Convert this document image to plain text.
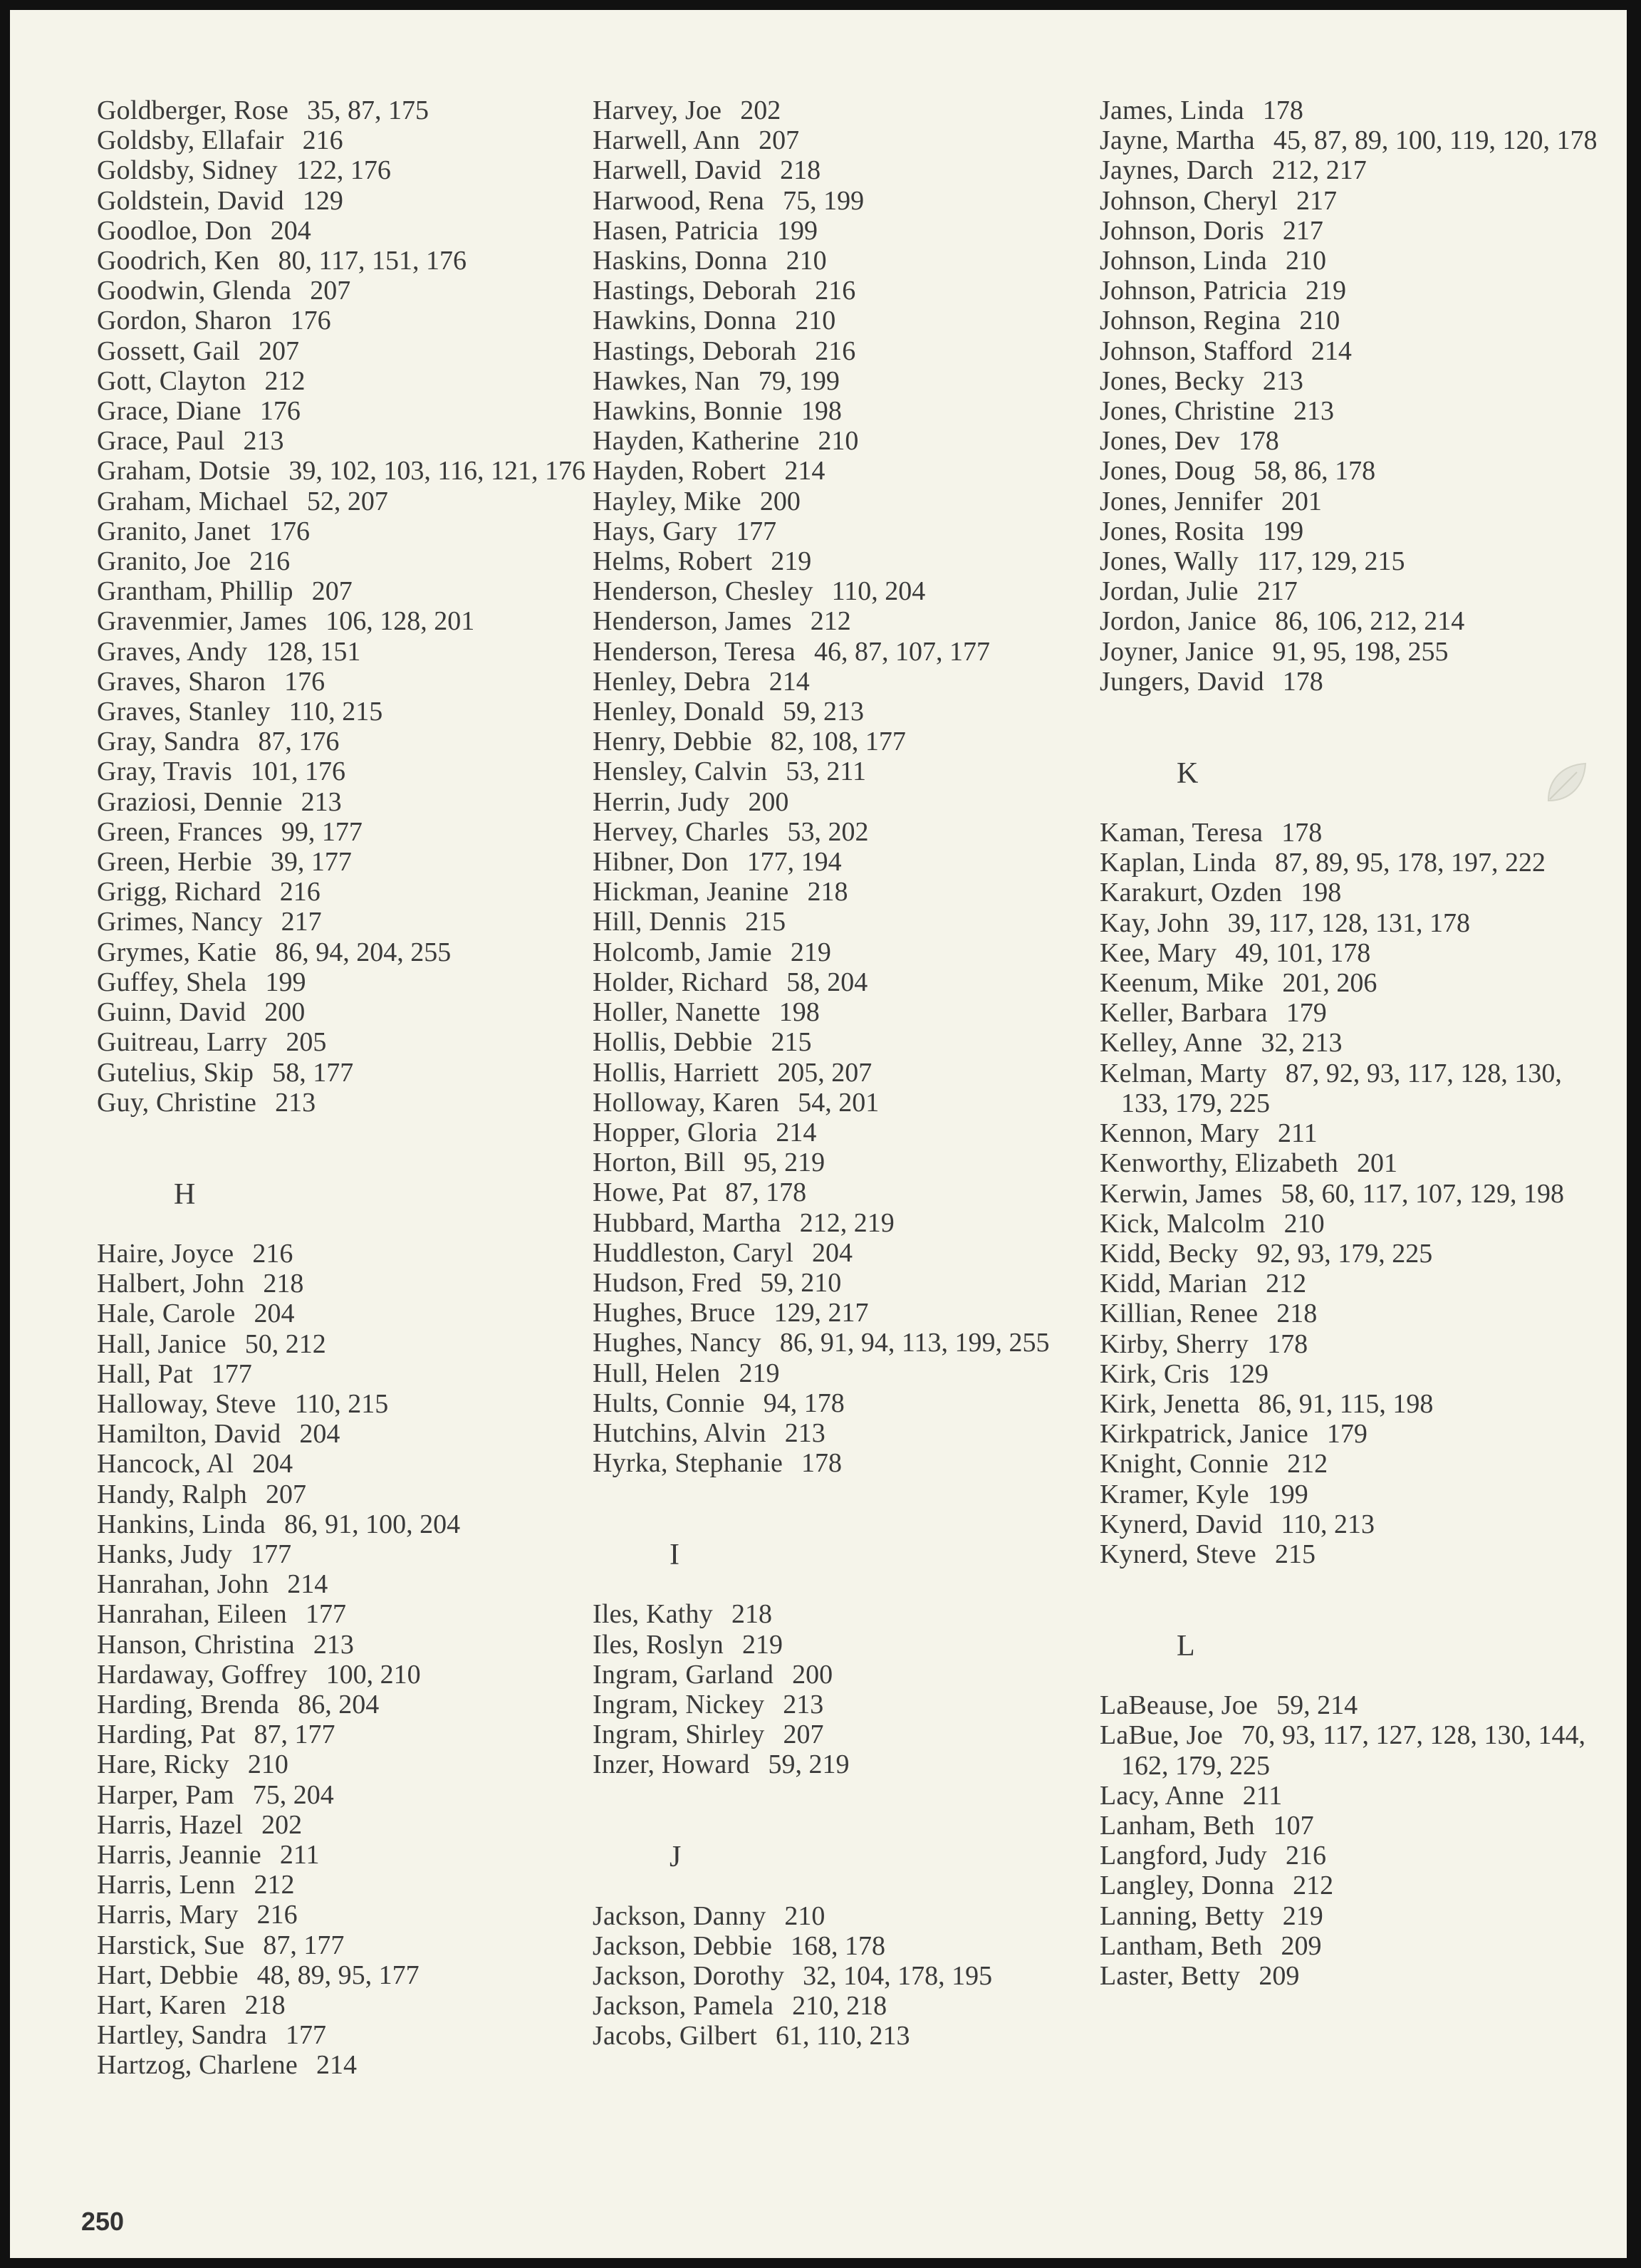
Goldberger, Rose 35, 87, 175
Goldsby, Ellafair 216
Goldsby, Sidney 122, 176
Goldstein, David 129
Goodloe, Don 204
Goodrich, Ken 80, 117, 151, 176
Goodwin, Glenda 207
Gordon, Sharon 176
Gossett, Gail 207
Gott, Clayton 212
Grace, Diane 176
Grace, Paul 213
Graham, Dotsie 39, 102, 103, 116, 121, 176
Graham, Michael 52, 207
Granito, Janet 176
Granito, Joe 216
Grantham, Phillip 207
Gravenmier, James 106, 128, 201
Graves, Andy 128, 151
Graves, Sharon 176
Graves, Stanley 110, 215
Gray, Sandra 87, 176
Gray, Travis 101, 176
Graziosi, Dennie 213
Green, Frances 99, 177
Green, Herbie 39, 177
Grigg, Richard 216
Grimes, Nancy 217
Grymes, Katie 86, 94, 204, 255
Guffey, Shela 199
Guinn, David 200
Guitreau, Larry 205
Gutelius, Skip 58, 177
Guy, Christine 213
H
Haire, Joyce 216
Halbert, John 218
Hale, Carole 204
Hall, Janice 50, 212
Hall, Pat 177
Halloway, Steve 110, 215
Hamilton, David 204
Hancock, Al 204
Handy, Ralph 207
Hankins, Linda 86, 91, 100, 204
Hanks, Judy 177
Hanrahan, John 214
Hanrahan, Eileen 177
Hanson, Christina 213
Hardaway, Goffrey 100, 210
Harding, Brenda 86, 204
Harding, Pat 87, 177
Hare, Ricky 210
Harper, Pam 75, 204
Harris, Hazel 202
Harris, Jeannie 211
Harris, Lenn 212
Harris, Mary 216
Harstick, Sue 87, 177
Hart, Debbie 48, 89, 95, 177
Hart, Karen 218
Hartley, Sandra 177
Hartzog, Charlene 214
Harvey, Joe 202
Harwell, Ann 207
Harwell, David 218
Harwood, Rena 75, 199
Hasen, Patricia 199
Haskins, Donna 210
Hastings, Deborah 216
Hawkins, Donna 210
Hastings, Deborah 216
Hawkes, Nan 79, 199
Hawkins, Bonnie 198
Hayden, Katherine 210
Hayden, Robert 214
Hayley, Mike 200
Hays, Gary 177
Helms, Robert 219
Henderson, Chesley 110, 204
Henderson, James 212
Henderson, Teresa 46, 87, 107, 177
Henley, Debra 214
Henley, Donald 59, 213
Henry, Debbie 82, 108, 177
Hensley, Calvin 53, 211
Herrin, Judy 200
Hervey, Charles 53, 202
Hibner, Don 177, 194
Hickman, Jeanine 218
Hill, Dennis 215
Holcomb, Jamie 219
Holder, Richard 58, 204
Holler, Nanette 198
Hollis, Debbie 215
Hollis, Harriett 205, 207
Holloway, Karen 54, 201
Hopper, Gloria 214
Horton, Bill 95, 219
Howe, Pat 87, 178
Hubbard, Martha 212, 219
Huddleston, Caryl 204
Hudson, Fred 59, 210
Hughes, Bruce 129, 217
Hughes, Nancy 86, 91, 94, 113, 199, 255
Hull, Helen 219
Hults, Connie 94, 178
Hutchins, Alvin 213
Hyrka, Stephanie 178
I
Iles, Kathy 218
Iles, Roslyn 219
Ingram, Garland 200
Ingram, Nickey 213
Ingram, Shirley 207
Inzer, Howard 59, 219
J
Jackson, Danny 210
Jackson, Debbie 168, 178
Jackson, Dorothy 32, 104, 178, 195
Jackson, Pamela 210, 218
Jacobs, Gilbert 61, 110, 213
James, Linda 178
Jayne, Martha 45, 87, 89, 100, 119, 120, 178
Jaynes, Darch 212, 217
Johnson, Cheryl 217
Johnson, Doris 217
Johnson, Linda 210
Johnson, Patricia 219
Johnson, Regina 210
Johnson, Stafford 214
Jones, Becky 213
Jones, Christine 213
Jones, Dev 178
Jones, Doug 58, 86, 178
Jones, Jennifer 201
Jones, Rosita 199
Jones, Wally 117, 129, 215
Jordan, Julie 217
Jordon, Janice 86, 106, 212, 214
Joyner, Janice 91, 95, 198, 255
Jungers, David 178
K
Kaman, Teresa 178
Kaplan, Linda 87, 89, 95, 178, 197, 222
Karakurt, Ozden 198
Kay, John 39, 117, 128, 131, 178
Kee, Mary 49, 101, 178
Keenum, Mike 201, 206
Keller, Barbara 179
Kelley, Anne 32, 213
Kelman, Marty 87, 92, 93, 117, 128, 130, 133, 179, 225
Kennon, Mary 211
Kenworthy, Elizabeth 201
Kerwin, James 58, 60, 117, 107, 129, 198
Kick, Malcolm 210
Kidd, Becky 92, 93, 179, 225
Kidd, Marian 212
Killian, Renee 218
Kirby, Sherry 178
Kirk, Cris 129
Kirk, Jenetta 86, 91, 115, 198
Kirkpatrick, Janice 179
Knight, Connie 212
Kramer, Kyle 199
Kynerd, David 110, 213
Kynerd, Steve 215
L
LaBeause, Joe 59, 214
LaBue, Joe 70, 93, 117, 127, 128, 130, 144, 162, 179, 225
Lacy, Anne 211
Lanham, Beth 107
Langford, Judy 216
Langley, Donna 212
Lanning, Betty 219
Lantham, Beth 209
Laster, Betty 209
250
